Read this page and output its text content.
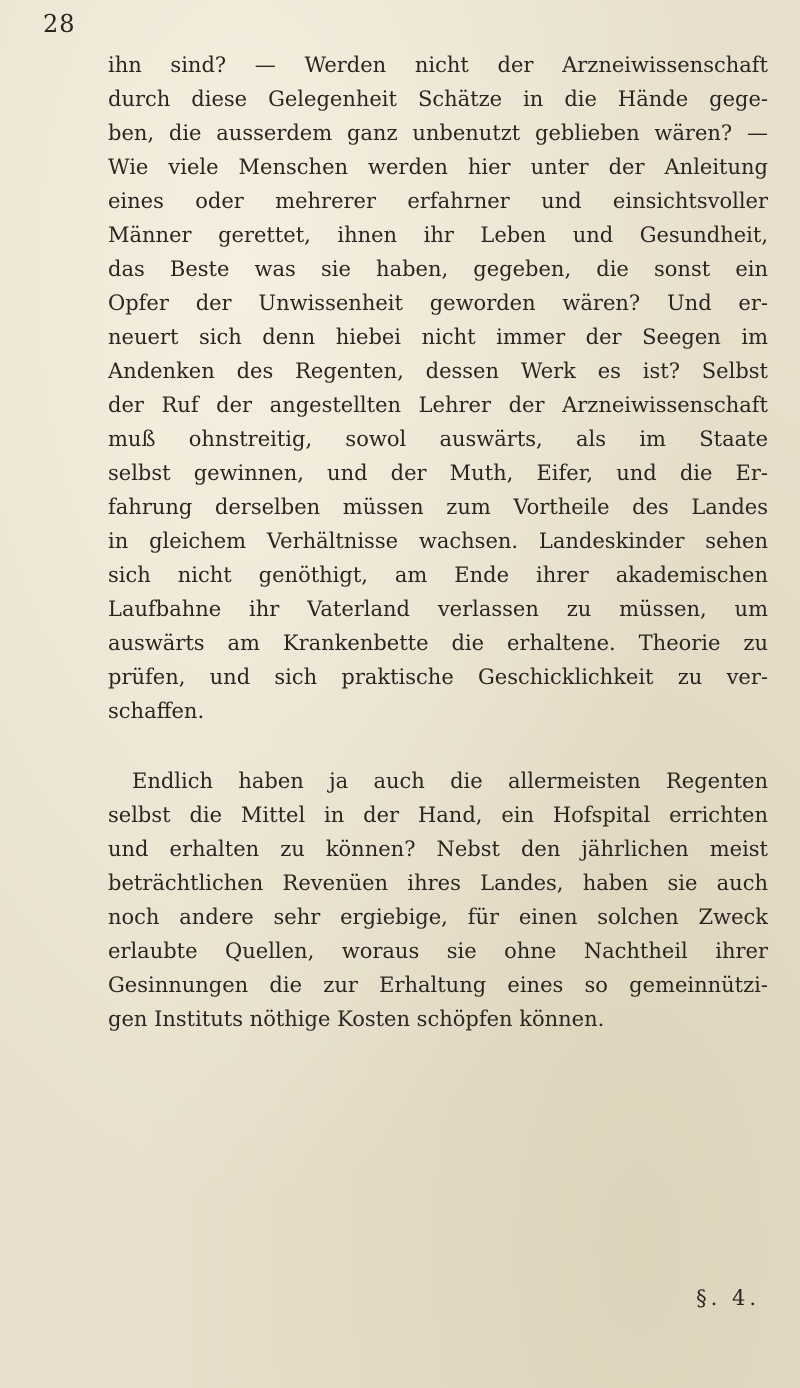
28
ihn sind? — Werden nicht der Arzneiwissenschaft
durch diese Gelegenheit Schätze in die Hände gege-
ben, die ausserdem ganz unbenutzt geblieben wären? —
Wie viele Menschen werden hier unter der Anleitung
eines oder mehrerer erfahrner und einsichtsvoller
Männer gerettet, ihnen ihr Leben und Gesundheit,
das Beste was sie haben, gegeben, die sonst ein
Opfer der Unwissenheit geworden wären? Und er-
neuert sich denn hiebei nicht immer der Seegen im
Andenken des Regenten, dessen Werk es ist? Selbst
der Ruf der angestellten Lehrer der Arzneiwissenschaft
muß ohnstreitig, sowol auswärts, als im Staate
selbst gewinnen, und der Muth, Eifer, und die Er-
fahrung derselben müssen zum Vortheile des Landes
in gleichem Verhältnisse wachsen. Landeskinder sehen
sich nicht genöthigt, am Ende ihrer akademischen
Laufbahne ihr Vaterland verlassen zu müssen, um
auswärts am Krankenbette die erhaltene. Theorie zu
prüfen, und sich praktische Geschicklichkeit zu ver-
schaffen.
Endlich haben ja auch die allermeisten Regenten
selbst die Mittel in der Hand, ein Hofspital errichten
und erhalten zu können? Nebst den jährlichen meist
beträchtlichen Revenüen ihres Landes, haben sie auch
noch andere sehr ergiebige, für einen solchen Zweck
erlaubte Quellen, woraus sie ohne Nachtheil ihrer
Gesinnungen die zur Erhaltung eines so gemeinnützi-
gen Instituts nöthige Kosten schöpfen können.
§. 4.
